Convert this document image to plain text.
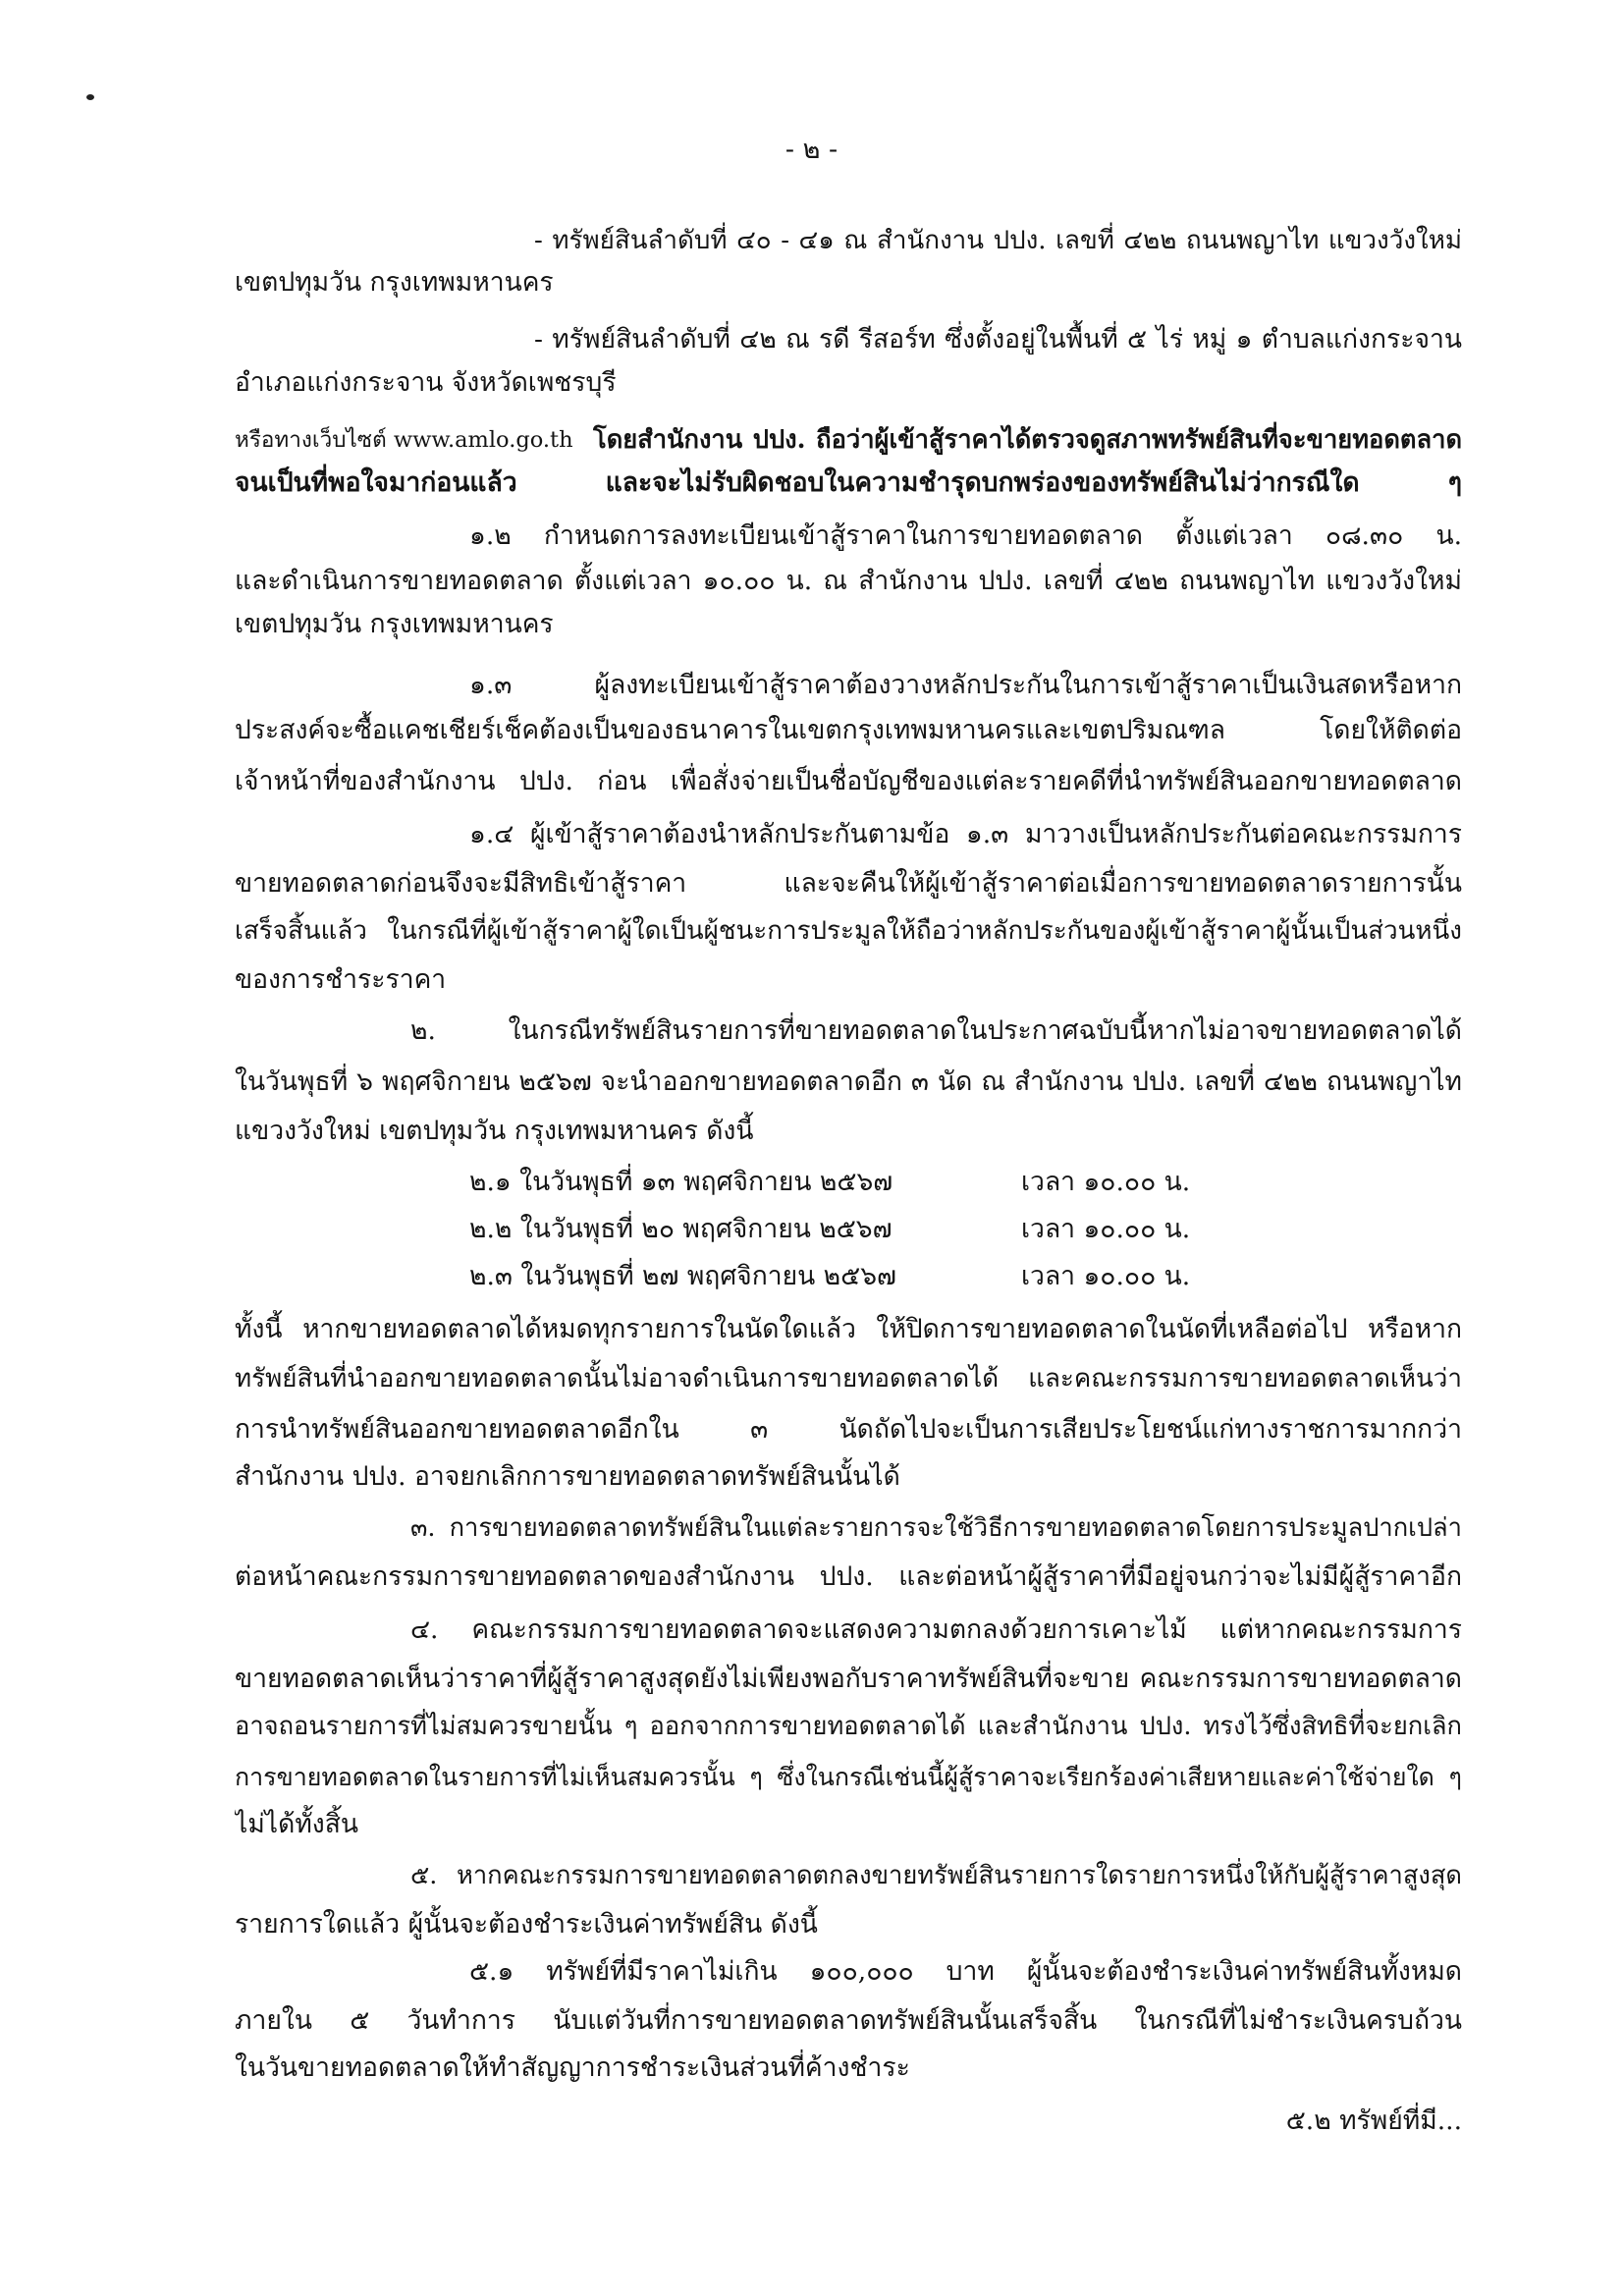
- ๒ -
- ทรัพย์สินลำดับที่ ๔๐ - ๔๑ ณ สำนักงาน ปปง. เลขที่ ๔๒๒ ถนนพญาไท แขวงวังใหม่
เขตปทุมวัน กรุงเทพมหานคร
- ทรัพย์สินลำดับที่ ๔๒ ณ รดี รีสอร์ท ซึ่งตั้งอยู่ในพื้นที่ ๕ ไร่ หมู่ ๑ ตำบลแก่งกระจาน
อำเภอแก่งกระจาน จังหวัดเพชรบุรี
หรือทางเว็บไซต์ www.amlo.go.th โดยสำนักงาน ปปง. ถือว่าผู้เข้าสู้ราคาได้ตรวจดูสภาพทรัพย์สินที่จะขายทอดตลาด
จนเป็นที่พอใจมาก่อนแล้ว และจะไม่รับผิดชอบในความชำรุดบกพร่องของทรัพย์สินไม่ว่ากรณีใด ๆ
๑.๒ กำหนดการลงทะเบียนเข้าสู้ราคาในการขายทอดตลาด ตั้งแต่เวลา ๐๘.๓๐ น.
และดำเนินการขายทอดตลาด ตั้งแต่เวลา ๑๐.๐๐ น. ณ สำนักงาน ปปง. เลขที่ ๔๒๒ ถนนพญาไท แขวงวังใหม่
เขตปทุมวัน กรุงเทพมหานคร
๑.๓ ผู้ลงทะเบียนเข้าสู้ราคาต้องวางหลักประกันในการเข้าสู้ราคาเป็นเงินสดหรือหาก
ประสงค์จะซื้อแคชเชียร์เช็คต้องเป็นของธนาคารในเขตกรุงเทพมหานครและเขตปริมณฑล โดยให้ติดต่อ
เจ้าหน้าที่ของสำนักงาน ปปง. ก่อน เพื่อสั่งจ่ายเป็นชื่อบัญชีของแต่ละรายคดีที่นำทรัพย์สินออกขายทอดตลาด
๑.๔ ผู้เข้าสู้ราคาต้องนำหลักประกันตามข้อ ๑.๓ มาวางเป็นหลักประกันต่อคณะกรรมการ
ขายทอดตลาดก่อนจึงจะมีสิทธิเข้าสู้ราคา และจะคืนให้ผู้เข้าสู้ราคาต่อเมื่อการขายทอดตลาดรายการนั้น
เสร็จสิ้นแล้ว ในกรณีที่ผู้เข้าสู้ราคาผู้ใดเป็นผู้ชนะการประมูลให้ถือว่าหลักประกันของผู้เข้าสู้ราคาผู้นั้นเป็นส่วนหนึ่ง
ของการชำระราคา
๒. ในกรณีทรัพย์สินรายการที่ขายทอดตลาดในประกาศฉบับนี้หากไม่อาจขายทอดตลาดได้
ในวันพุธที่ ๖ พฤศจิกายน ๒๕๖๗ จะนำออกขายทอดตลาดอีก ๓ นัด ณ สำนักงาน ปปง. เลขที่ ๔๒๒ ถนนพญาไท
แขวงวังใหม่ เขตปทุมวัน กรุงเทพมหานคร ดังนี้
๒.๑ ในวันพุธที่ ๑๓ พฤศจิกายน ๒๕๖๗	เวลา ๑๐.๐๐ น.
๒.๒ ในวันพุธที่ ๒๐ พฤศจิกายน ๒๕๖๗	เวลา ๑๐.๐๐ น.
๒.๓ ในวันพุธที่ ๒๗ พฤศจิกายน ๒๕๖๗	เวลา ๑๐.๐๐ น.
ทั้งนี้ หากขายทอดตลาดได้หมดทุกรายการในนัดใดแล้ว ให้ปิดการขายทอดตลาดในนัดที่เหลือต่อไป หรือหาก
ทรัพย์สินที่นำออกขายทอดตลาดนั้นไม่อาจดำเนินการขายทอดตลาดได้ และคณะกรรมการขายทอดตลาดเห็นว่า
การนำทรัพย์สินออกขายทอดตลาดอีกใน ๓ นัดถัดไปจะเป็นการเสียประโยชน์แก่ทางราชการมากกว่า
สำนักงาน ปปง. อาจยกเลิกการขายทอดตลาดทรัพย์สินนั้นได้
๓. การขายทอดตลาดทรัพย์สินในแต่ละรายการจะใช้วิธีการขายทอดตลาดโดยการประมูลปากเปล่า
ต่อหน้าคณะกรรมการขายทอดตลาดของสำนักงาน ปปง. และต่อหน้าผู้สู้ราคาที่มีอยู่จนกว่าจะไม่มีผู้สู้ราคาอีก
๔. คณะกรรมการขายทอดตลาดจะแสดงความตกลงด้วยการเคาะไม้ แต่หากคณะกรรมการ
ขายทอดตลาดเห็นว่าราคาที่ผู้สู้ราคาสูงสุดยังไม่เพียงพอกับราคาทรัพย์สินที่จะขาย คณะกรรมการขายทอดตลาด
อาจถอนรายการที่ไม่สมควรขายนั้น ๆ ออกจากการขายทอดตลาดได้ และสำนักงาน ปปง. ทรงไว้ซึ่งสิทธิที่จะยกเลิก
การขายทอดตลาดในรายการที่ไม่เห็นสมควรนั้น ๆ ซึ่งในกรณีเช่นนี้ผู้สู้ราคาจะเรียกร้องค่าเสียหายและค่าใช้จ่ายใด ๆ
ไม่ได้ทั้งสิ้น
๕. หากคณะกรรมการขายทอดตลาดตกลงขายทรัพย์สินรายการใดรายการหนึ่งให้กับผู้สู้ราคาสูงสุด
รายการใดแล้ว ผู้นั้นจะต้องชำระเงินค่าทรัพย์สิน ดังนี้
๕.๑ ทรัพย์ที่มีราคาไม่เกิน ๑๐๐,๐๐๐ บาท ผู้นั้นจะต้องชำระเงินค่าทรัพย์สินทั้งหมด
ภายใน ๕ วันทำการ นับแต่วันที่การขายทอดตลาดทรัพย์สินนั้นเสร็จสิ้น ในกรณีที่ไม่ชำระเงินครบถ้วน
ในวันขายทอดตลาดให้ทำสัญญาการชำระเงินส่วนที่ค้างชำระ
๕.๒ ทรัพย์ที่มี...
